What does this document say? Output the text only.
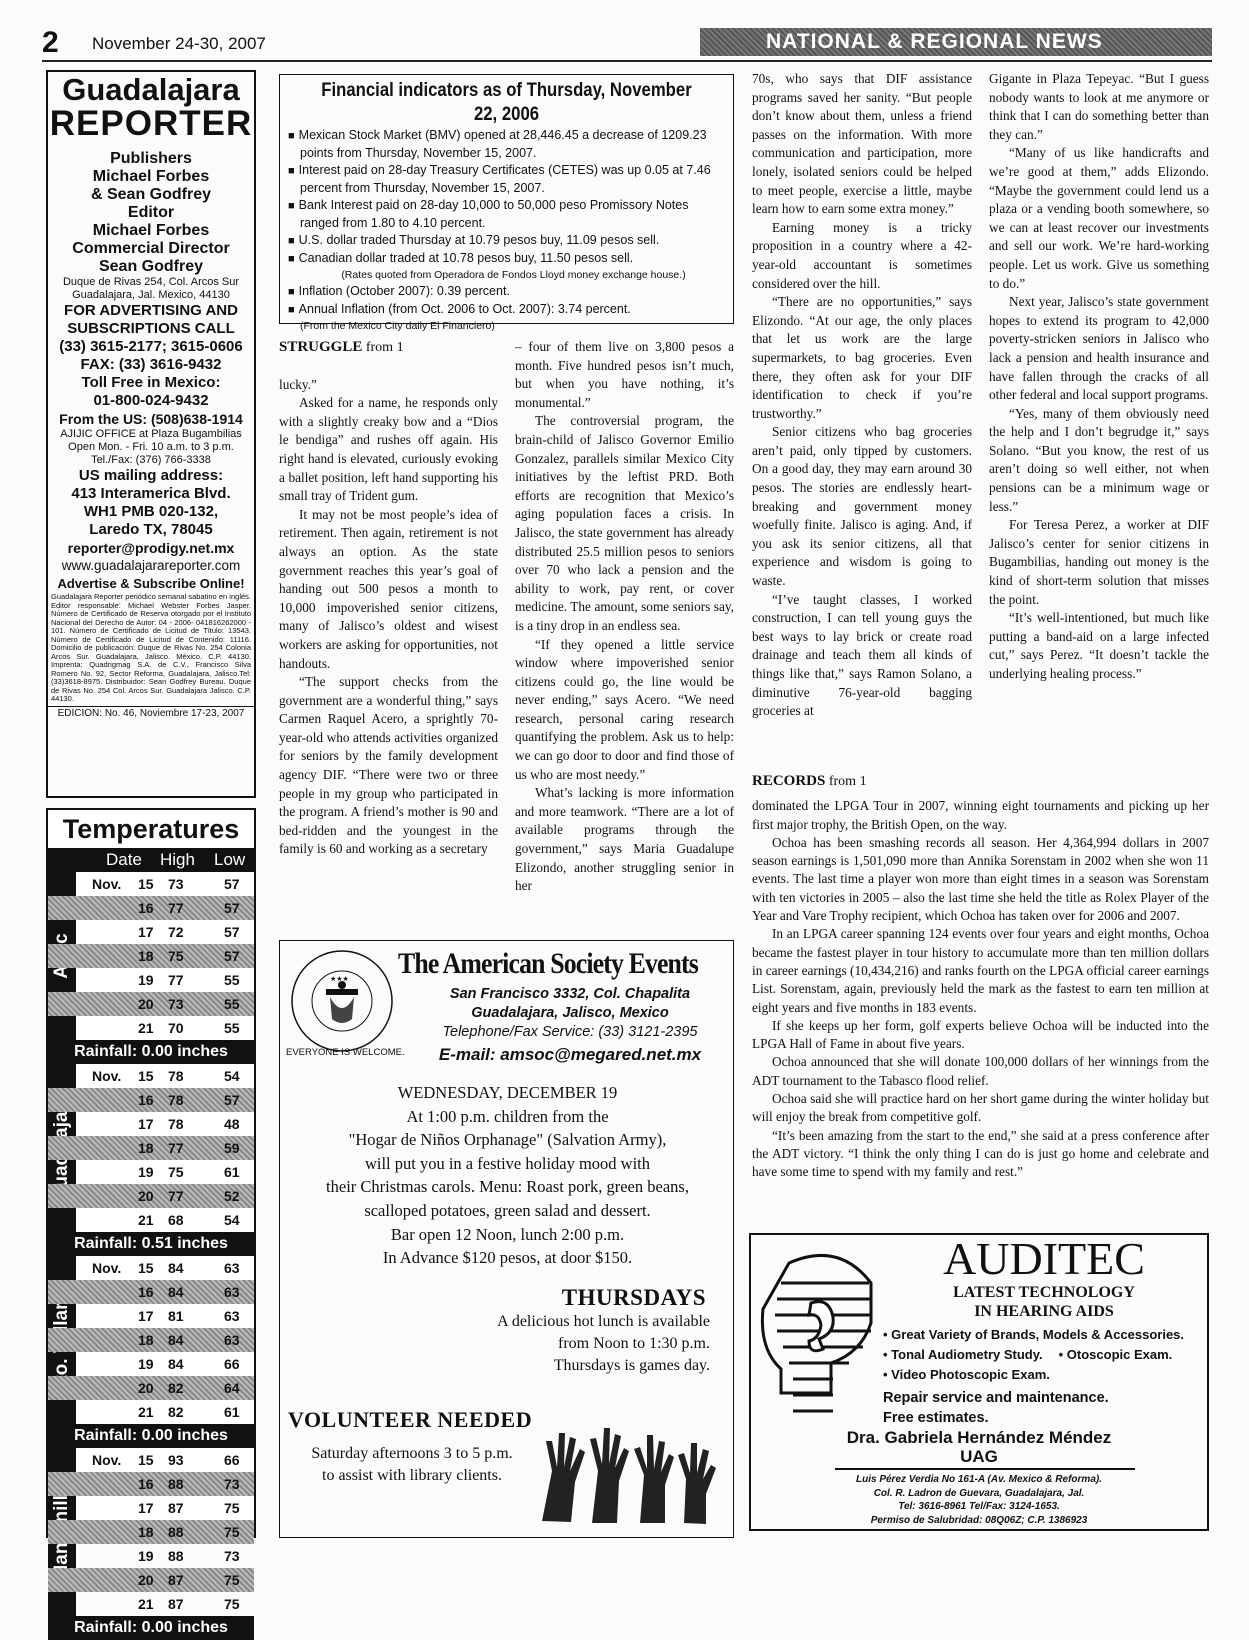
2 November 24-30, 2007	NATIONAL & REGIONAL NEWS
Guadalajara
REPORTER
Publishers
Michael Forbes
& Sean Godfrey
Editor
Michael Forbes
Commercial Director
Sean Godfrey
Duque de Rivas 254, Col. Arcos Sur
Guadalajara, Jal. Mexico, 44130
FOR ADVERTISING AND
SUBSCRIPTIONS CALL
(33) 3615-2177; 3615-0606
FAX: (33) 3616-9432
Toll Free in Mexico:
01-800-024-9432
From the US: (508)638-1914
AJIJIC OFFICE at Plaza Bugambilias
Open Mon. - Fri. 10 a.m. to 3 p.m.
Tel./Fax: (376) 766-3338
US mailing address:
413 Interamerica Blvd.
WH1 PMB 020-132,
Laredo TX, 78045
reporter@prodigy.net.mx
www.guadalajarareporter.com
Advertise & Subscribe Online!
Guadalajara Reporter periódico semanal sabatino en inglés. Editor responsable: Michael Webster Forbes Jasper. Número de Certificado de Reserva otorgado por el Instituto Nacional del Derecho de Autor: 04 - 2006- 041816262000 - 101. Número de Certificado de Licitud de Título: 13543. Número de Certificado de Licitud de Contenido: 11116. Domicilio de publicación: Duque de Rivas No. 254 Colonia Arcos Sur. Guadalajara, Jalisco. México. C.P. 44130. Imprenta: Quadrigmag S.A. de C.V., Francisco Silva Romero No. 92, Sector Reforma, Guadalajara, Jalisco.Tel: (33)3618-8975. Distribuidor: Sean Godfrey Bureau. Duque de Rivas No. 254 Col. Arcos Sur. Guadalajara Jalisco. C.P. 44130.
EDICION: No. 46, Noviembre 17-23, 2007
Temperatures
Date High Low
Nov. 15 73	57
16 77	57
17 72	57
18 75	57
19 77	55
20 73	55
21 70	55
Rainfall: 0.00 inches
Nov. 15 78	54
16 78	57
17 78	48
18 77	59
19 75	61
20 77	52
21 68	54
Rainfall: 0.51 inches
Nov. 15 84	63
16 84	63
17 81	63
18 84	63
19 84	66
20 82	64
21 82	61
Rainfall: 0.00 inches
Nov. 15 93	66
16 88	73
17 87	75
18 88	75
19 88	73
20 87	75
21 87	75
Rainfall: 0.00 inches
Financial indicators as of Thursday, November 22, 2006
■ Mexican Stock Market (BMV) opened at 28,446.45 a decrease of 1209.23 points from Thursday, November 15, 2007.
■ Interest paid on 28-day Treasury Certificates (CETES) was up 0.05 at 7.46 percent from Thursday, November 15, 2007.
■ Bank Interest paid on 28-day 10,000 to 50,000 peso Promissory Notes ranged from 1.80 to 4.10 percent.
■ U.S. dollar traded Thursday at 10.79 pesos buy, 11.09 pesos sell.
■ Canadian dollar traded at 10.78 pesos buy, 11.50 pesos sell.
(Rates quoted from Operadora de Fondos Lloyd money exchange house.)
■ Inflation (October 2007): 0.39 percent.
■ Annual Inflation (from Oct. 2006 to Oct. 2007): 3.74 percent.
(From the Mexico City daily El Financiero)
STRUGGLE from 1

lucky.”

Asked for a name, he responds only with a slightly creaky bow and a “Dios le bendiga” and rushes off again. His right hand is elevated, curiously evoking a ballet position, left hand supporting his small tray of Trident gum.

It may not be most people’s idea of retirement. Then again, retirement is not always an option. As the state government reaches this year’s goal of handing out 500 pesos a month to 10,000 impoverished senior citizens, many of Jalisco’s oldest and wisest workers are asking for opportunities, not handouts.

“The support checks from the government are a wonderful thing,” says Carmen Raquel Acero, a sprightly 70-year-old who attends activities organized for seniors by the family development agency DIF. “There were two or three people in my group who participated in the program. A friend’s mother is 90 and bed-ridden and the youngest in the family is 60 and working as a secretary

– four of them live on 3,800 pesos a month. Five hundred pesos isn’t much, but when you have nothing, it’s monumental.”

The controversial program, the brain-child of Jalisco Governor Emilio Gonzalez, parallels similar Mexico City initiatives by the leftist PRD. Both efforts are recognition that Mexico’s aging population faces a crisis. In Jalisco, the state government has already distributed 25.5 million pesos to seniors over 70 who lack a pension and the ability to work, pay rent, or cover medicine. The amount, some seniors say, is a tiny drop in an endless sea.

“If they opened a little service window where impoverished senior citizens could go, the line would be never ending,” says Acero. “We need research, personal caring research quantifying the problem. Ask us to help: we can go door to door and find those of us who are most needy.”

What’s lacking is more information and more teamwork. “There are a lot of available programs through the government,” says Maria Guadalupe Elizondo, another struggling senior in her

70s, who says that DIF assistance programs saved her sanity. “But people don’t know about them, unless a friend passes on the information. With more communication and participation, more lonely, isolated seniors could be helped to meet people, exercise a little, maybe learn how to earn some extra money.”

Earning money is a tricky proposition in a country where a 42-year-old accountant is sometimes considered over the hill.

“There are no opportunities,” says Elizondo. “At our age, the only places that let us work are the large supermarkets, to bag groceries. Even there, they often ask for your DIF identification to check if you’re trustworthy.”

Senior citizens who bag groceries aren’t paid, only tipped by customers. On a good day, they may earn around 30 pesos. The stories are endlessly heart-breaking and government money woefully finite. Jalisco is aging. And, if you ask its senior citizens, all that experience and wisdom is going to waste.

“I’ve taught classes, I worked construction, I can tell young guys the best ways to lay brick or create road drainage and teach them all kinds of things like that,” says Ramon Solano, a diminutive 76-year-old bagging groceries at

Gigante in Plaza Tepeyac. “But I guess nobody wants to look at me anymore or think that I can do something better than they can.”

“Many of us like handicrafts and we’re good at them,” adds Elizondo. “Maybe the government could lend us a plaza or a vending booth somewhere, so we can at least recover our investments and sell our work. We’re hard-working people. Let us work. Give us something to do.”

Next year, Jalisco’s state government hopes to extend its program to 42,000 poverty-stricken seniors in Jalisco who lack a pension and health insurance and have fallen through the cracks of all other federal and local support programs.

“Yes, many of them obviously need the help and I don’t begrudge it,” says Solano. “But you know, the rest of us aren’t doing so well either, not when pensions can be a minimum wage or less.”

For Teresa Perez, a worker at DIF Jalisco’s center for senior citizens in Bugambilias, handing out money is the kind of short-term solution that misses the point.

“It’s well-intentioned, but much like putting a band-aid on a large infected cut,” says Perez. “It doesn’t tackle the underlying healing process.”

RECORDS from 1

dominated the LPGA Tour in 2007, winning eight tournaments and picking up her first major trophy, the British Open, on the way.

Ochoa has been smashing records all season. Her 4,364,994 dollars in 2007 season earnings is 1,501,090 more than Annika Sorenstam in 2002 when she won 11 events. The last time a player won more than eight times in a season was Sorenstam with ten victories in 2005 – also the last time she held the title as Rolex Player of the Year and Vare Trophy recipient, which Ochoa has taken over for 2006 and 2007.

In an LPGA career spanning 124 events over four years and eight months, Ochoa became the fastest player in tour history to accumulate more than ten million dollars in career earnings (10,434,216) and ranks fourth on the LPGA official career earnings List. Sorenstam, again, previously held the mark as the fastest to earn ten million at eight years and five months in 183 events.

If she keeps up her form, golf experts believe Ochoa will be inducted into the LPGA Hall of Fame in about five years.

Ochoa announced that she will donate 100,000 dollars of her winnings from the ADT tournament to the Tabasco flood relief.

Ochoa said she will practice hard on her short game during the winter holiday but will enjoy the break from competitive golf.

“It’s been amazing from the start to the end,” she said at a press conference after the ADT victory. “I think the only thing I can do is just go home and celebrate and have some time to spend with my family and rest.”

★★★
EVERYONE IS WELCOME.
The American Society Events
San Francisco 3332, Col. Chapalita
Guadalajara, Jalisco, Mexico
Telephone/Fax Service: (33) 3121-2395
E-mail: amsoc@megared.net.mx
WEDNESDAY, DECEMBER 19
At 1:00 p.m. children from the
"Hogar de Niños Orphanage" (Salvation Army),
will put you in a festive holiday mood with
their Christmas carols. Menu: Roast pork, green beans,
scalloped potatoes, green salad and dessert.
Bar open 12 Noon, lunch 2:00 p.m.
In Advance $120 pesos, at door $150.
THURSDAYS
A delicious hot lunch is available
from Noon to 1:30 p.m.
Thursdays is games day.
VOLUNTEER NEEDED
Saturday afternoons 3 to 5 p.m.
to assist with library clients.
AUDITEC
LATEST TECHNOLOGY
IN HEARING AIDS
• Great Variety of Brands, Models & Accessories.
• Tonal Audiometry Study. • Otoscopic Exam.
• Video Photoscopic Exam.
Repair service and maintenance.
Free estimates.
Dra. Gabriela Hernández Méndez
UAG
Luis Pérez Verdia No 161-A (Av. Mexico & Reforma).
Col. R. Ladron de Guevara, Guadalajara, Jal.
Tel: 3616-8961 Tel/Fax: 3124-1653.
Permiso de Salubridad: 08Q06Z; C.P. 1386923
